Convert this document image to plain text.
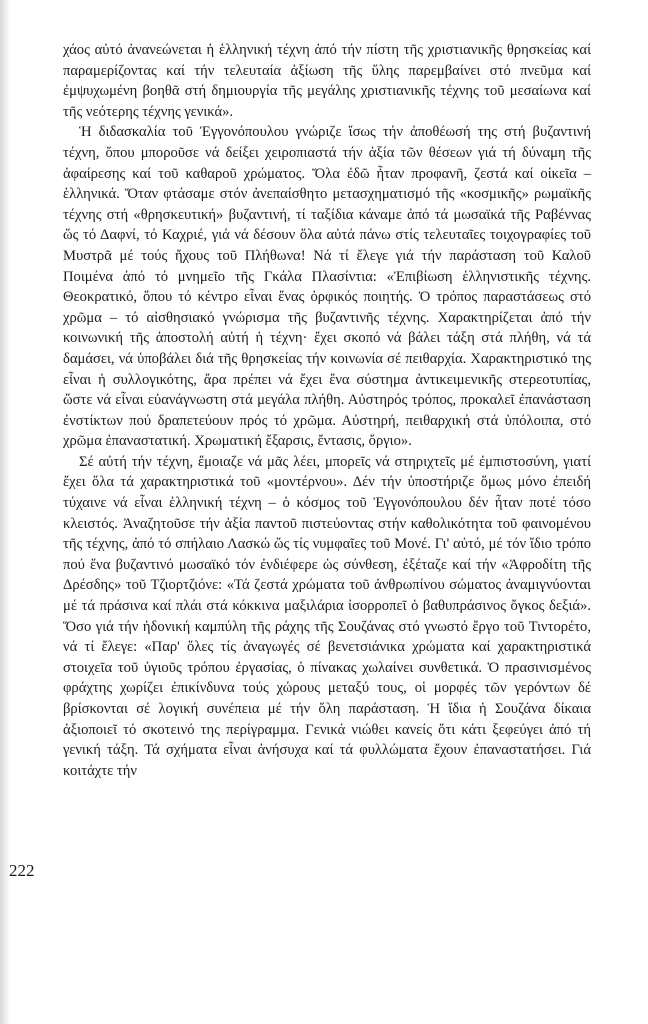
χάος αὐτό ἀνανεώνεται ἡ ἑλληνική τέχνη ἀπό τήν πίστη τῆς χριστιανικῆς θρησκείας καί παραμερίζοντας καί τήν τελευταία ἀξίωση τῆς ὕλης παρεμβαίνει στό πνεῦμα καί ἐμψυχωμένη βοηθᾶ στή δημιουργία τῆς μεγάλης χριστιανικῆς τέχνης τοῦ μεσαίωνα καί τῆς νεότερης τέχνης γενικά».

Ἡ διδασκαλία τοῦ Ἐγγονόπουλου γνώριζε ἴσως τήν ἀποθέωσή της στή βυζαντινή τέχνη, ὅπου μποροῦσε νά δείξει χειροπιαστά τήν ἀξία τῶν θέσεων γιά τή δύναμη τῆς ἀφαίρεσης καί τοῦ καθαροῦ χρώματος. Ὅλα ἐδῶ ἦταν προφανῆ, ζεστά καί οἰκεῖα – ἑλληνικά. Ὅταν φτάσαμε στόν ἀνεπαίσθητο μετασχηματισμό τῆς «κοσμικῆς» ρωμαϊκῆς τέχνης στή «θρησκευτική» βυζαντινή, τί ταξίδια κάναμε ἀπό τά μωσαϊκά τῆς Ραβέννας ὥς τό Δαφνί, τό Καχριέ, γιά νά δέσουν ὅλα αὐτά πάνω στίς τελευταῖες τοιχογραφίες τοῦ Μυστρᾶ μέ τούς ἤχους τοῦ Πλήθωνα! Νά τί ἔλεγε γιά τήν παράσταση τοῦ Καλοῦ Ποιμένα ἀπό τό μνημεῖο τῆς Γκάλα Πλασίντια: «Ἐπιβίωση ἑλληνιστικῆς τέχνης. Θεοκρατικό, ὅπου τό κέντρο εἶναι ἕνας ὀρφικός ποιητής. Ὁ τρόπος παραστάσεως στό χρῶμα – τό αἰσθησιακό γνώρισμα τῆς βυζαντινῆς τέχνης. Χαρακτηρίζεται ἀπό τήν κοινωνική τῆς ἀποστολή αὐτή ἡ τέχνη· ἔχει σκοπό νά βάλει τάξη στά πλήθη, νά τά δαμάσει, νά ὑποβάλει διά τῆς θρησκείας τήν κοινωνία σέ πειθαρχία. Χαρακτηριστικό της εἶναι ἡ συλλογικότης, ἄρα πρέπει νά ἔχει ἕνα σύστημα ἀντικειμενικῆς στερεοτυπίας, ὥστε νά εἶναι εὐανάγνωστη στά μεγάλα πλήθη. Αὐστηρός τρόπος, προκαλεῖ ἐπανάσταση ἐνστίκτων πού δραπετεύουν πρός τό χρῶμα. Αὐστηρή, πειθαρχική στά ὑπόλοιπα, στό χρῶμα ἐπαναστατική. Χρωματική ἔξαρσις, ἔντασις, ὄργιο».

Σέ αὐτή τήν τέχνη, ἔμοιαζε νά μᾶς λέει, μπορεῖς νά στηριχτεῖς μέ ἐμπιστοσύνη, γιατί ἔχει ὅλα τά χαρακτηριστικά τοῦ «μοντέρνου». Δέν τήν ὑποστήριζε ὅμως μόνο ἐπειδή τύχαινε νά εἶναι ἑλληνική τέχνη – ὁ κόσμος τοῦ Ἐγγονόπουλου δέν ἦταν ποτέ τόσο κλειστός. Ἀναζητοῦσε τήν ἀξία παντοῦ πιστεύοντας στήν καθολικότητα τοῦ φαινομένου τῆς τέχνης, ἀπό τό σπήλαιο Λασκώ ὥς τίς νυμφαῖες τοῦ Μονέ. Γι' αὐτό, μέ τόν ἴδιο τρόπο πού ἕνα βυζαντινό μωσαϊκό τόν ἐνδιέφερε ὡς σύνθεση, ἐξέταζε καί τήν «Ἀφροδίτη τῆς Δρέσδης» τοῦ Τζιορτζιόνε: «Τά ζεστά χρώματα τοῦ ἀνθρωπίνου σώματος ἀναμιγνύονται μέ τά πράσινα καί πλάι στά κόκκινα μαξιλάρια ἰσορροπεῖ ὁ βαθυπράσινος ὄγκος δεξιά». Ὅσο γιά τήν ἡδονική καμπύλη τῆς ράχης τῆς Σουζάνας στό γνωστό ἔργο τοῦ Τιντορέτο, νά τί ἔλεγε: «Παρ' ὅλες τίς ἀναγωγές σέ βενετσιάνικα χρώματα καί χαρακτηριστικά στοιχεῖα τοῦ ὑγιοῦς τρόπου ἐργασίας, ὁ πίνακας χωλαίνει συνθετικά. Ὁ πρασινισμένος φράχτης χωρίζει ἐπικίνδυνα τούς χώρους μεταξύ τους, οἱ μορφές τῶν γερόντων δέ βρίσκονται σέ λογική συνέπεια μέ τήν ὅλη παράσταση. Ἡ ἴδια ἡ Σουζάνα δίκαια ἀξιοποιεῖ τό σκοτεινό της περίγραμμα. Γενικά νιώθει κανείς ὅτι κάτι ξεφεύγει ἀπό τή γενική τάξη. Τά σχήματα εἶναι ἀνήσυχα καί τά φυλλώματα ἔχουν ἐπαναστατήσει. Γιά κοιτάχτε τήν

222
